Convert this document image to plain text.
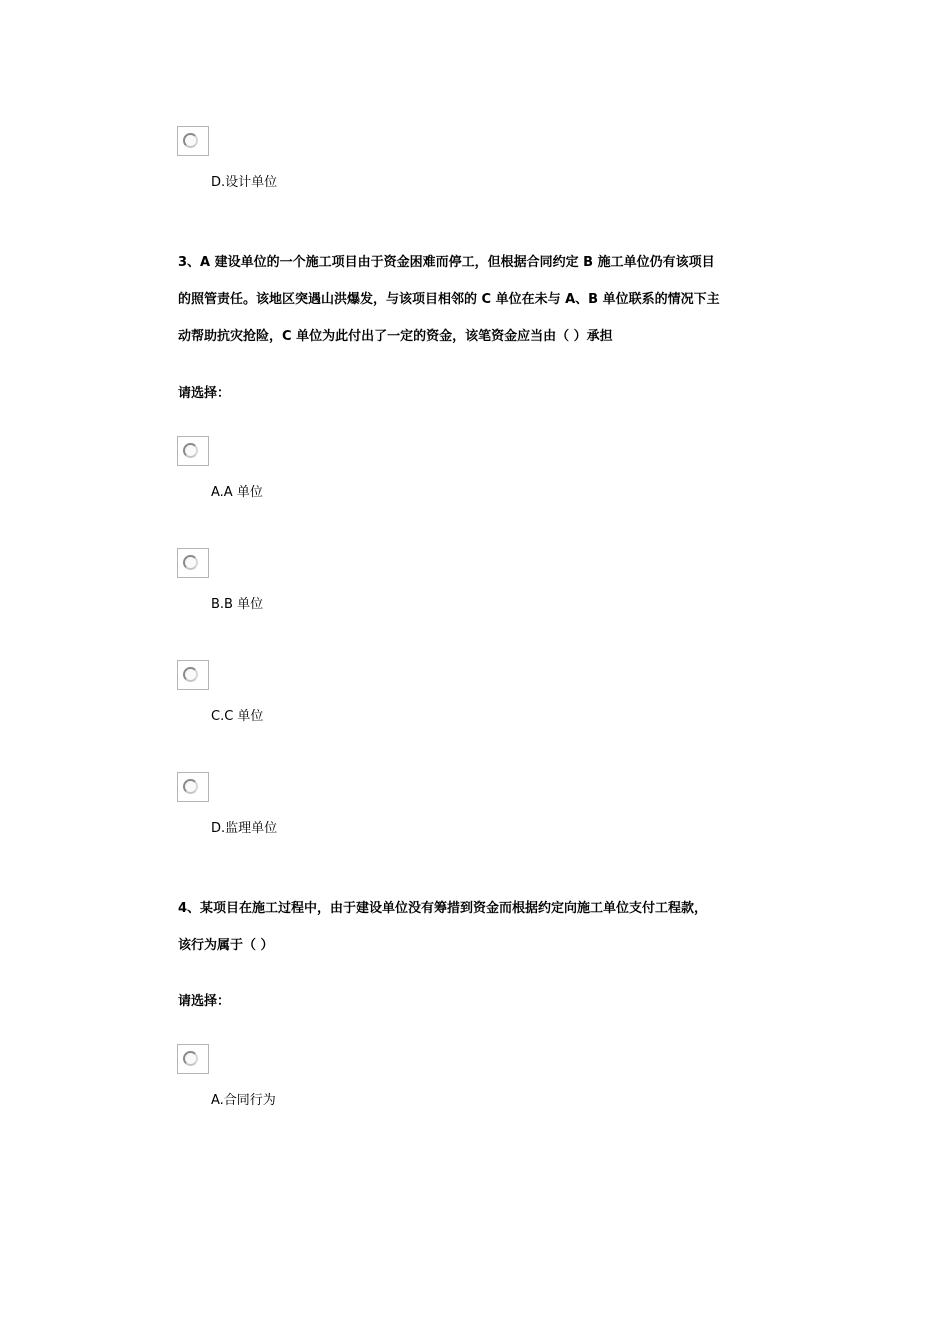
D.设计单位
3、A 建设单位的一个施工项目由于资金困难而停工，但根据合同约定 B 施工单位仍有该项目
的照管责任。该地区突遇山洪爆发，与该项目相邻的 C 单位在未与 A、B 单位联系的情况下主
动帮助抗灾抢险，C 单位为此付出了一定的资金，该笔资金应当由（ ）承担
请选择：
A.A 单位
B.B 单位
C.C 单位
D.监理单位
4、某项目在施工过程中，由于建设单位没有筹措到资金而根据约定向施工单位支付工程款，
该行为属于（ ）
请选择：
A.合同行为
